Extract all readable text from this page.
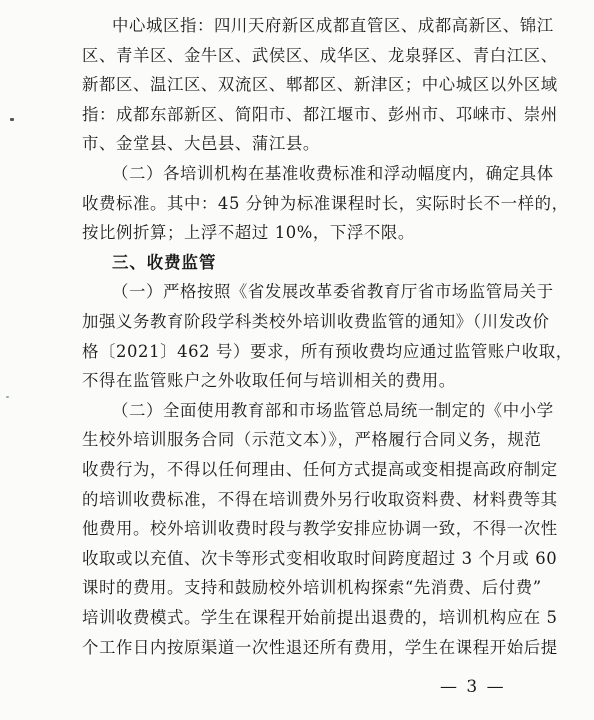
中心城区指：四川天府新区成都直管区、成都高新区、锦江
区、青羊区、金牛区、武侯区、成华区、龙泉驿区、青白江区、
新都区、温江区、双流区、郫都区、新津区；中心城区以外区域
指：成都东部新区、简阳市、都江堰市、彭州市、邛崃市、崇州
市、金堂县、大邑县、蒲江县。
（二）各培训机构在基准收费标准和浮动幅度内，确定具体
收费标准。其中：45 分钟为标准课程时长，实际时长不一样的，
按比例折算；上浮不超过 10%，下浮不限。
三、收费监管
（一）严格按照《省发展改革委省教育厅省市场监管局关于
加强义务教育阶段学科类校外培训收费监管的通知》（川发改价
格〔2021〕462 号）要求，所有预收费均应通过监管账户收取，
不得在监管账户之外收取任何与培训相关的费用。
（二）全面使用教育部和市场监管总局统一制定的《中小学
生校外培训服务合同（示范文本）》，严格履行合同义务，规范
收费行为，不得以任何理由、任何方式提高或变相提高政府制定
的培训收费标准，不得在培训费外另行收取资料费、材料费等其
他费用。校外培训收费时段与教学安排应协调一致，不得一次性
收取或以充值、次卡等形式变相收取时间跨度超过 3 个月或 60
课时的费用。支持和鼓励校外培训机构探索“先消费、后付费”
培训收费模式。学生在课程开始前提出退费的，培训机构应在 5
个工作日内按原渠道一次性退还所有费用，学生在课程开始后提
— 3 —
